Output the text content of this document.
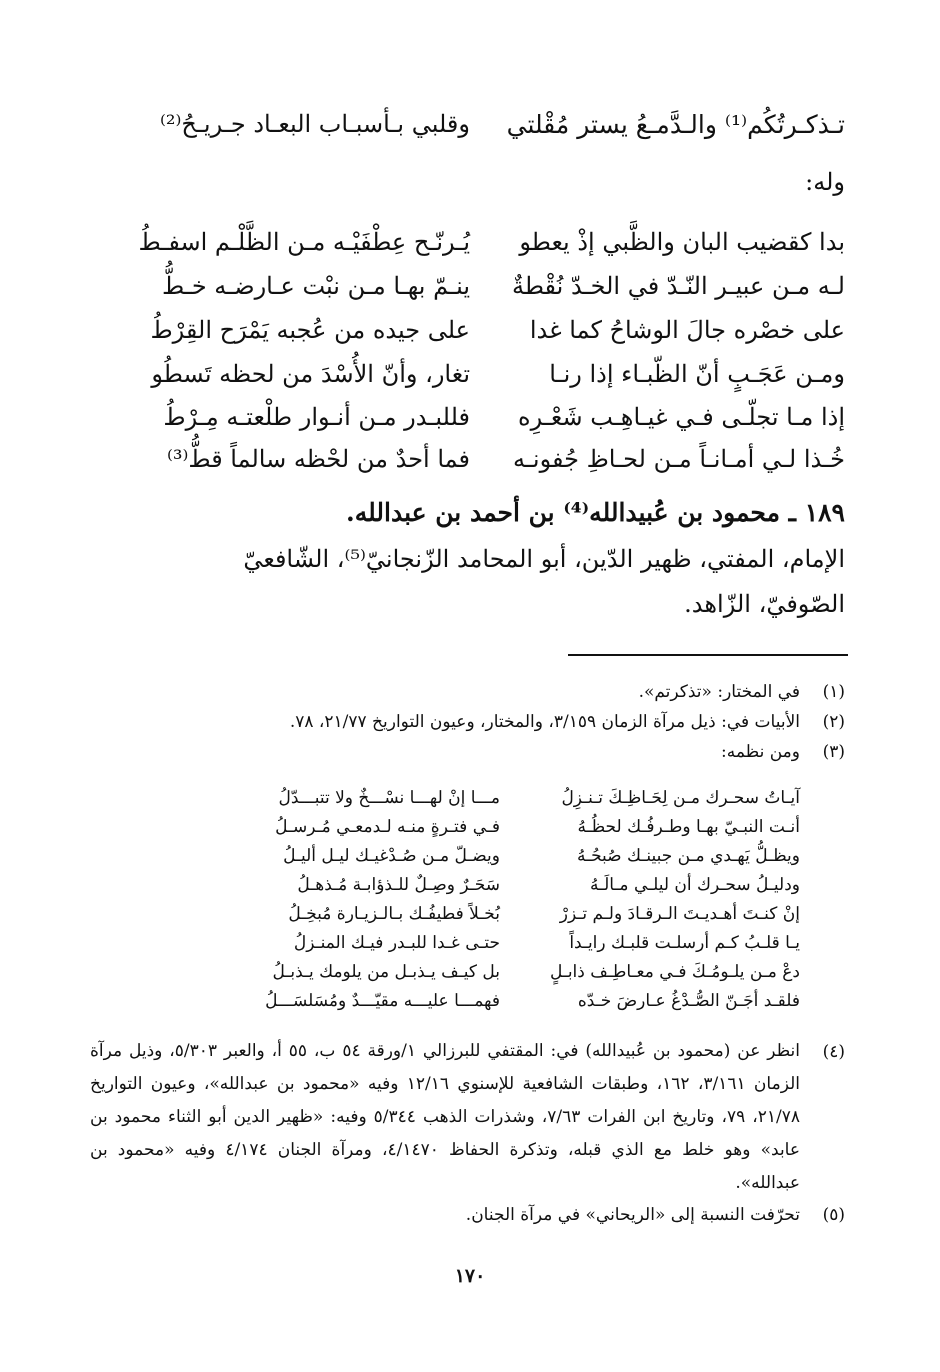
تـذكـرتُكُم⁽¹⁾ والـدَّمـعُ يستر مُقْلتي
وقلبي بـأسبـاب البعـاد جـريـحُ⁽²⁾
وله:
بدا كقضيب البان والظَّبي إذْ يعطو
يُـرنّـح عِطْفَيْـه مـن الظَّلْـم اسفـطُ
لـه مـن عبيـر النّـدّ في الخـدّ نُقْطةٌ
ينـمّ بهـا مـن نبْت عـارضـه خـطُّ
على خصْره جالَ الوشاحُ كما غدا
على جيده من عُجبه يَمْرَح القِرْطُ
ومـن عَجَـبٍ أنّ الظّبـاء إذا رنـا
تغار، وأنّ الأُسْدَ من لحظه تَسطُو
إذا مـا تجلّـى فـي غيـاهِـب شَعْـرِه
فللبـدر مـن أنـوار طلْعتـه مِـرْطُ
خُـذا لـي أمـانـاً مـن لحـاظِ جُفونـه
فما أحدٌ من لحْظه سالماً قطُّ⁽³⁾
١٨٩ ـ محمود بن عُبيدالله⁽⁴⁾ بن أحمد بن عبدالله.
الإمام، المفتي، ظهير الدّين، أبو المحامد الزّنجانيّ⁽⁵⁾، الشّافعيّ
الصّوفيّ، الزّاهد.
(١)
في المختار: «تذكرتم».
(٢)
الأبيات في: ذيل مرآة الزمان ٣/١٥٩، والمختار، وعيون التواريخ ٢١/٧٧، ٧٨.
(٣)
ومن نظمه:
آيـاتُ سحـرك مـن لِحَـاظِـكَ تـنـزِلُ
مـــا إنْ لهـــا نسْـــخٌ ولا تتبـــدّلُ
أنـت النبـيّ بهـا وطـرفُـك لحظُـهُ
فـي فتـرةٍ منـه لـدمعـي مُـرسـلُ
ويظـلُّ يَهـدي مـن جبينـك صُبحُـهُ
ويضـلّ مـن صُـدْغيـك ليـل أليـلُ
ودليـلُ سحـرك أن ليلـي مـالَـهُ
سَحَـرٌ وصِـلٌ للـذؤابـة مُـذهـلُ
إنْ كنـتَ أهـديـتَ الـرقـادَ ولـم تـزرْ
بُخـلاً فطيفُـك بـالـزيـارة مُبخِـلُ
يـا قلـبُ كـم أرسلـت قلبـك رايـداً
حتـى غـدا للبـدر فيـك المنـزلُ
دعْ مـن يلـومُـكَ فـي معـاطِـف ذابـلٍ
بل كيـف يـذبـل من يلومك يـذبـلُ
فلقـد أجَـنّ الصُّـدْغُ عـارضَ خـدّه
فهمـــا عليـــه مقيّـــدٌ ومُسَلسَـــلُ
(٤)
انظر عن (محمود بن عُبيدالله) في: المقتفي للبرزالي ١/ورقة ٥٤ ب، ٥٥ أ، والعبر ٥/٣٠٣، وذيل مرآة الزمان ٣/١٦١، ١٦٢، وطبقات الشافعية للإسنوي ١٢/١٦ وفيه «محمود بن عبدالله»، وعيون التواريخ ٢١/٧٨، ٧٩، وتاريخ ابن الفرات ٧/٦٣، وشذرات الذهب ٥/٣٤٤ وفيه: «ظهير الدين أبو الثناء محمود بن عابد» وهو خلط مع الذي قبله، وتذكرة الحفاظ ٤/١٤٧٠، ومرآة الجنان ٤/١٧٤ وفيه «محمود بن عبدالله».
(٥)
تحرّفت النسبة إلى «الريحاني» في مرآة الجنان.
١٧٠
